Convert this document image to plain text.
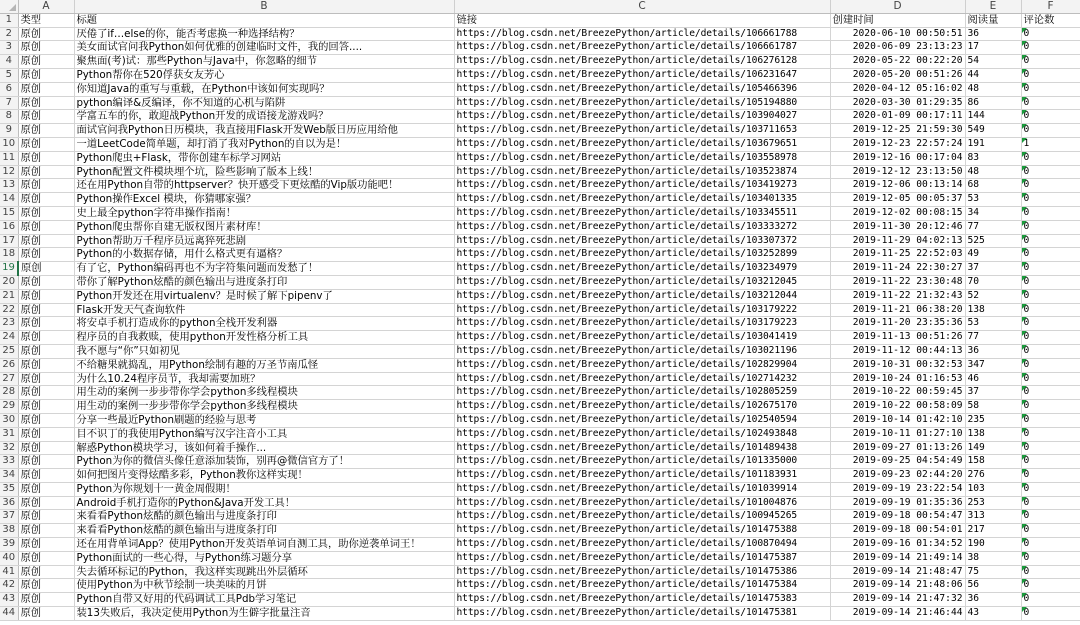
	A	B	C	D	E	F
1	类型	标题	链接	创建时间	阅读量	评论数
2	原创	厌倦了if…else的你，能否考虑换一种选择结构？	https://blog.csdn.net/BreezePython/article/details/106661788	2020-06-10 00:50:51	36	0
3	原创	美女面试官问我Python如何优雅的创建临时文件，我的回答....	https://blog.csdn.net/BreezePython/article/details/106661787	2020-06-09 23:13:23	17	0
4	原创	聚焦面(考)试：那些Python与Java中，你忽略的细节	https://blog.csdn.net/BreezePython/article/details/106276128	2020-05-22 00:22:20	54	0
5	原创	Python帮你在520俘获女友芳心	https://blog.csdn.net/BreezePython/article/details/106231647	2020-05-20 00:51:26	44	0
6	原创	你知道Java的重写与重载，在Python中该如何实现吗？	https://blog.csdn.net/BreezePython/article/details/105466396	2020-04-12 05:16:02	48	0
7	原创	python编译&反编译，你不知道的心机与陷阱	https://blog.csdn.net/BreezePython/article/details/105194880	2020-03-30 01:29:35	86	0
8	原创	学富五车的你，敢迎战Python开发的成语接龙游戏吗？	https://blog.csdn.net/BreezePython/article/details/103904027	2020-01-09 00:17:11	144	0
9	原创	面试官问我Python日历模块，我直接用Flask开发Web版日历应用给他	https://blog.csdn.net/BreezePython/article/details/103711653	2019-12-25 21:59:30	549	0
10	原创	一道LeetCode简单题，却打消了我对Python的自以为是！	https://blog.csdn.net/BreezePython/article/details/103679651	2019-12-23 22:57:24	191	1
11	原创	Python爬虫+Flask，带你创建车标学习网站	https://blog.csdn.net/BreezePython/article/details/103558978	2019-12-16 00:17:04	83	0
12	原创	Python配置文件模块埋个坑，险些影响了版本上线！	https://blog.csdn.net/BreezePython/article/details/103523874	2019-12-12 23:13:50	48	0
13	原创	还在用Python自带的httpserver？快开感受下更炫酷的Vip版功能吧！	https://blog.csdn.net/BreezePython/article/details/103419273	2019-12-06 00:13:14	68	0
14	原创	Python操作Excel 模块，你猜哪家强？	https://blog.csdn.net/BreezePython/article/details/103401335	2019-12-05 00:05:37	53	0
15	原创	史上最全python字符串操作指南！	https://blog.csdn.net/BreezePython/article/details/103345511	2019-12-02 00:08:15	34	0
16	原创	Python爬虫帮你自建无版权图片素材库！	https://blog.csdn.net/BreezePython/article/details/103333272	2019-11-30 20:12:46	77	0
17	原创	Python帮助万千程序员远离猝死悲剧	https://blog.csdn.net/BreezePython/article/details/103307372	2019-11-29 04:02:13	525	0
18	原创	Python的小数据存储，用什么格式更有逼格？	https://blog.csdn.net/BreezePython/article/details/103252899	2019-11-25 22:52:03	49	0
19	原创	有了它，Python编码再也不为字符集问题而发愁了！	https://blog.csdn.net/BreezePython/article/details/103234979	2019-11-24 22:30:27	37	0
20	原创	带你了解Python炫酷的颜色输出与进度条打印	https://blog.csdn.net/BreezePython/article/details/103212045	2019-11-22 23:30:48	70	0
21	原创	Python开发还在用virtualenv？是时候了解下pipenv了	https://blog.csdn.net/BreezePython/article/details/103212044	2019-11-22 21:32:43	52	0
22	原创	Flask开发天气查询软件	https://blog.csdn.net/BreezePython/article/details/103179222	2019-11-21 06:38:20	138	0
23	原创	将安卓手机打造成你的python全栈开发利器	https://blog.csdn.net/BreezePython/article/details/103179223	2019-11-20 23:35:36	53	0
24	原创	程序员的自我救赎，使用python开发性格分析工具	https://blog.csdn.net/BreezePython/article/details/103041419	2019-11-13 00:51:26	77	0
25	原创	我不愿与“你”只如初见	https://blog.csdn.net/BreezePython/article/details/103021196	2019-11-12 00:44:13	36	0
26	原创	不给糖果就捣乱，用Python绘制有趣的万圣节南瓜怪	https://blog.csdn.net/BreezePython/article/details/102829904	2019-10-31 00:32:53	347	0
27	原创	为什么10.24程序员节，我却需要加班？	https://blog.csdn.net/BreezePython/article/details/102714232	2019-10-24 01:16:53	46	0
28	原创	用生动的案例一步步带你学会python多线程模块	https://blog.csdn.net/BreezePython/article/details/102805259	2019-10-22 00:59:45	37	0
29	原创	用生动的案例一步步带你学会python多线程模块	https://blog.csdn.net/BreezePython/article/details/102675170	2019-10-22 00:58:09	58	0
30	原创	分享一些最近Python刷题的经验与思考	https://blog.csdn.net/BreezePython/article/details/102540594	2019-10-14 01:42:10	235	0
31	原创	目不识丁的我使用Python编写汉字注音小工具	https://blog.csdn.net/BreezePython/article/details/102493848	2019-10-11 01:27:10	138	0
32	原创	解惑Python模块学习，该如何着手操作...	https://blog.csdn.net/BreezePython/article/details/101489438	2019-09-27 01:13:26	149	0
33	原创	Python为你的微信头像任意添加装饰，别再@微信官方了！	https://blog.csdn.net/BreezePython/article/details/101335000	2019-09-25 04:54:49	158	0
34	原创	如何把图片变得炫酷多彩，Python教你这样实现！	https://blog.csdn.net/BreezePython/article/details/101183931	2019-09-23 02:44:20	276	0
35	原创	Python为你规划十一黄金周假期！	https://blog.csdn.net/BreezePython/article/details/101039914	2019-09-19 23:22:54	103	0
36	原创	Android手机打造你的Python&Java开发工具！	https://blog.csdn.net/BreezePython/article/details/101004876	2019-09-19 01:35:36	253	0
37	原创	来看看Python炫酷的颜色输出与进度条打印	https://blog.csdn.net/BreezePython/article/details/100945265	2019-09-18 00:54:47	313	0
38	原创	来看看Python炫酷的颜色输出与进度条打印	https://blog.csdn.net/BreezePython/article/details/101475388	2019-09-18 00:54:01	217	0
39	原创	还在用背单词App？使用Python开发英语单词自测工具，助你逆袭单词王！	https://blog.csdn.net/BreezePython/article/details/100870494	2019-09-16 01:34:52	190	0
40	原创	Python面试的一些心得，与Python练习题分享	https://blog.csdn.net/BreezePython/article/details/101475387	2019-09-14 21:49:14	38	0
41	原创	失去循环标记的Python，我这样实现跳出外层循环	https://blog.csdn.net/BreezePython/article/details/101475386	2019-09-14 21:48:47	75	0
42	原创	使用Python为中秋节绘制一块美味的月饼	https://blog.csdn.net/BreezePython/article/details/101475384	2019-09-14 21:48:06	56	0
43	原创	Python自带又好用的代码调试工具Pdb学习笔记	https://blog.csdn.net/BreezePython/article/details/101475383	2019-09-14 21:47:32	36	0
44	原创	装13失败后，我决定使用Python为生僻字批量注音	https://blog.csdn.net/BreezePython/article/details/101475381	2019-09-14 21:46:44	43	0
